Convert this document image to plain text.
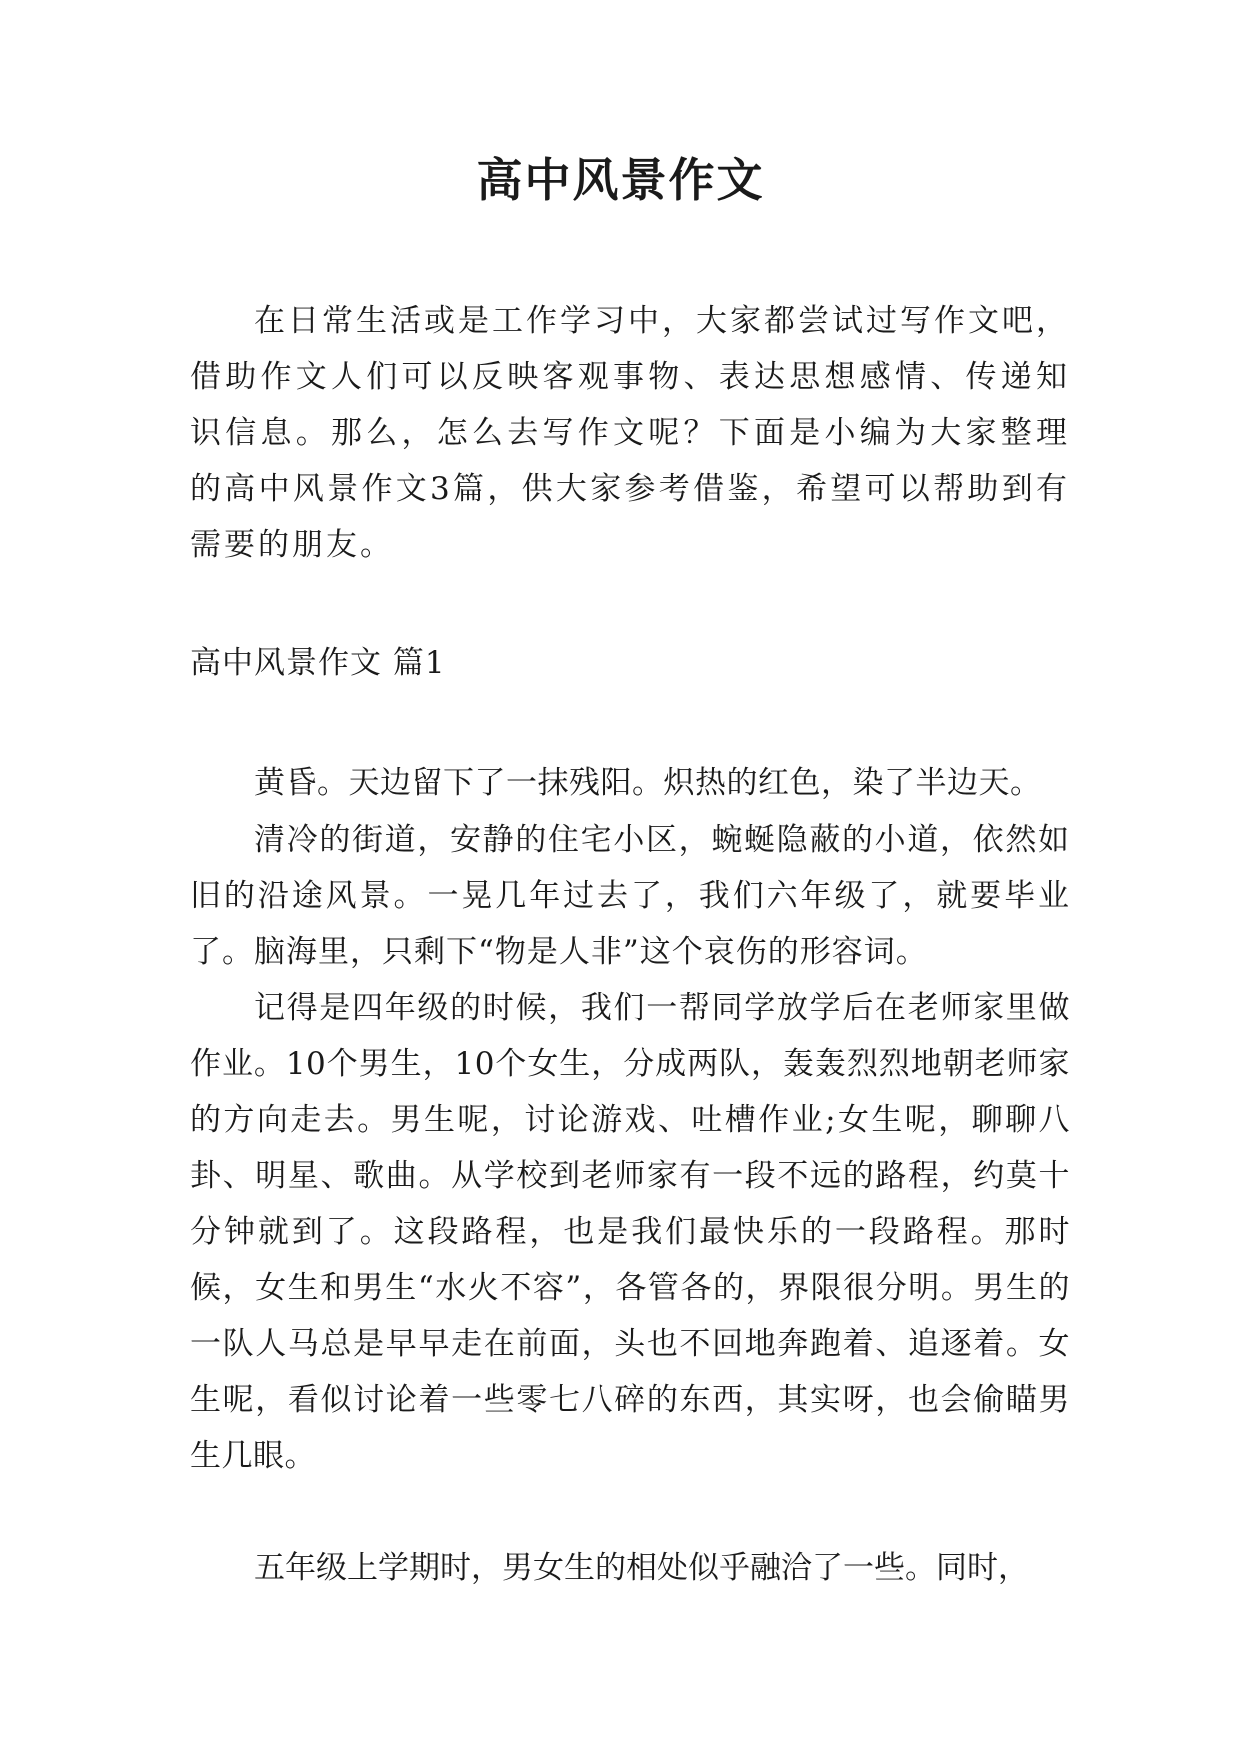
高中风景作文

在日常生活或是工作学习中，大家都尝试过写作文吧，借助作文人们可以反映客观事物、表达思想感情、传递知识信息。那么，怎么去写作文呢？下面是小编为大家整理的高中风景作文3篇，供大家参考借鉴，希望可以帮助到有需要的朋友。

高中风景作文 篇1

黄昏。天边留下了一抹残阳。炽热的红色，染了半边天。

清冷的街道，安静的住宅小区，蜿蜒隐蔽的小道，依然如旧的沿途风景。一晃几年过去了，我们六年级了，就要毕业了。脑海里，只剩下“物是人非”这个哀伤的形容词。

记得是四年级的时候，我们一帮同学放学后在老师家里做作业。10个男生，10个女生，分成两队，轰轰烈烈地朝老师家的方向走去。男生呢，讨论游戏、吐槽作业;女生呢，聊聊八卦、明星、歌曲。从学校到老师家有一段不远的路程，约莫十分钟就到了。这段路程，也是我们最快乐的一段路程。那时候，女生和男生“水火不容”，各管各的，界限很分明。男生的一队人马总是早早走在前面，头也不回地奔跑着、追逐着。女生呢，看似讨论着一些零七八碎的东西，其实呀，也会偷瞄男生几眼。

五年级上学期时，男女生的相处似乎融洽了一些。同时，
